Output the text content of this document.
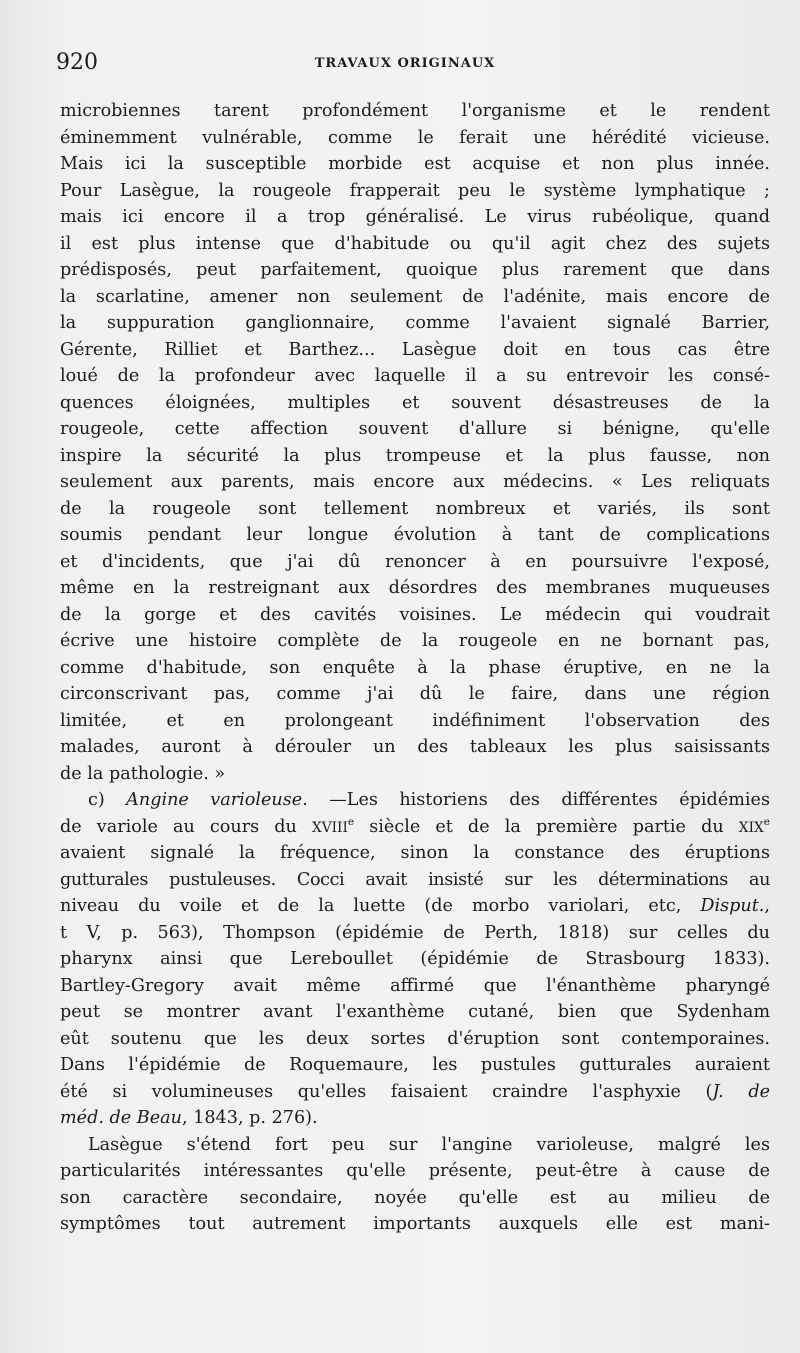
920	TRAVAUX ORIGINAUX
microbiennes tarent profondément l'organisme et le rendent
éminemment vulnérable, comme le ferait une hérédité vicieuse.
Mais ici la susceptible morbide est acquise et non plus innée.
Pour Lasègue, la rougeole frapperait peu le système lymphatique ;
mais ici encore il a trop généralisé. Le virus rubéolique, quand
il est plus intense que d'habitude ou qu'il agit chez des sujets
prédisposés, peut parfaitement, quoique plus rarement que dans
la scarlatine, amener non seulement de l'adénite, mais encore de
la suppuration ganglionnaire, comme l'avaient signalé Barrier,
Gérente, Rilliet et Barthez... Lasègue doit en tous cas être
loué de la profondeur avec laquelle il a su entrevoir les consé-
quences éloignées, multiples et souvent désastreuses de la
rougeole, cette affection souvent d'allure si bénigne, qu'elle
inspire la sécurité la plus trompeuse et la plus fausse, non
seulement aux parents, mais encore aux médecins. « Les reliquats
de la rougeole sont tellement nombreux et variés, ils sont
soumis pendant leur longue évolution à tant de complications
et d'incidents, que j'ai dû renoncer à en poursuivre l'exposé,
même en la restreignant aux désordres des membranes muqueuses
de la gorge et des cavités voisines. Le médecin qui voudrait
écrive une histoire complète de la rougeole en ne bornant pas,
comme d'habitude, son enquête à la phase éruptive, en ne la
circonscrivant pas, comme j'ai dû le faire, dans une région
limitée, et en prolongeant indéfiniment l'observation des
malades, auront à dérouler un des tableaux les plus saisissants
de la pathologie. »
c) Angine varioleuse. —Les historiens des différentes épidémies
de variole au cours du XVIIIe siècle et de la première partie du XIXe
avaient signalé la fréquence, sinon la constance des éruptions
gutturales pustuleuses. Cocci avait insisté sur les déterminations au
niveau du voile et de la luette (de morbo variolari, etc, Disput.,
t V, p. 563), Thompson (épidémie de Perth, 1818) sur celles du
pharynx ainsi que Lereboullet (épidémie de Strasbourg 1833).
Bartley-Gregory avait même affirmé que l'énanthème pharyngé
peut se montrer avant l'exanthème cutané, bien que Sydenham
eût soutenu que les deux sortes d'éruption sont contemporaines.
Dans l'épidémie de Roquemaure, les pustules gutturales auraient
été si volumineuses qu'elles faisaient craindre l'asphyxie (J. de
méd. de Beau, 1843, p. 276).
Lasègue s'étend fort peu sur l'angine varioleuse, malgré les
particularités intéressantes qu'elle présente, peut-être à cause de
son caractère secondaire, noyée qu'elle est au milieu de
symptômes tout autrement importants auxquels elle est mani-
